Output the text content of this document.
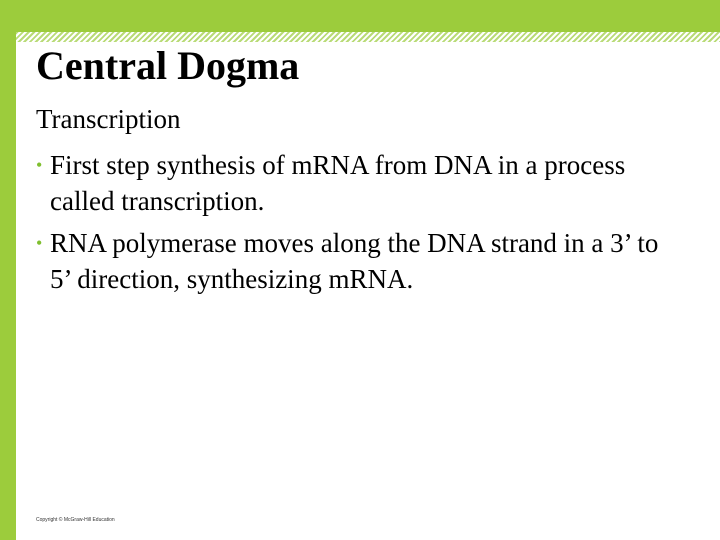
Central Dogma
Transcription
• First step synthesis of mRNA from DNA in a process called transcription.
• RNA polymerase moves along the DNA strand in a 3’ to 5’ direction, synthesizing mRNA.
Copyright © McGraw-Hill Education
